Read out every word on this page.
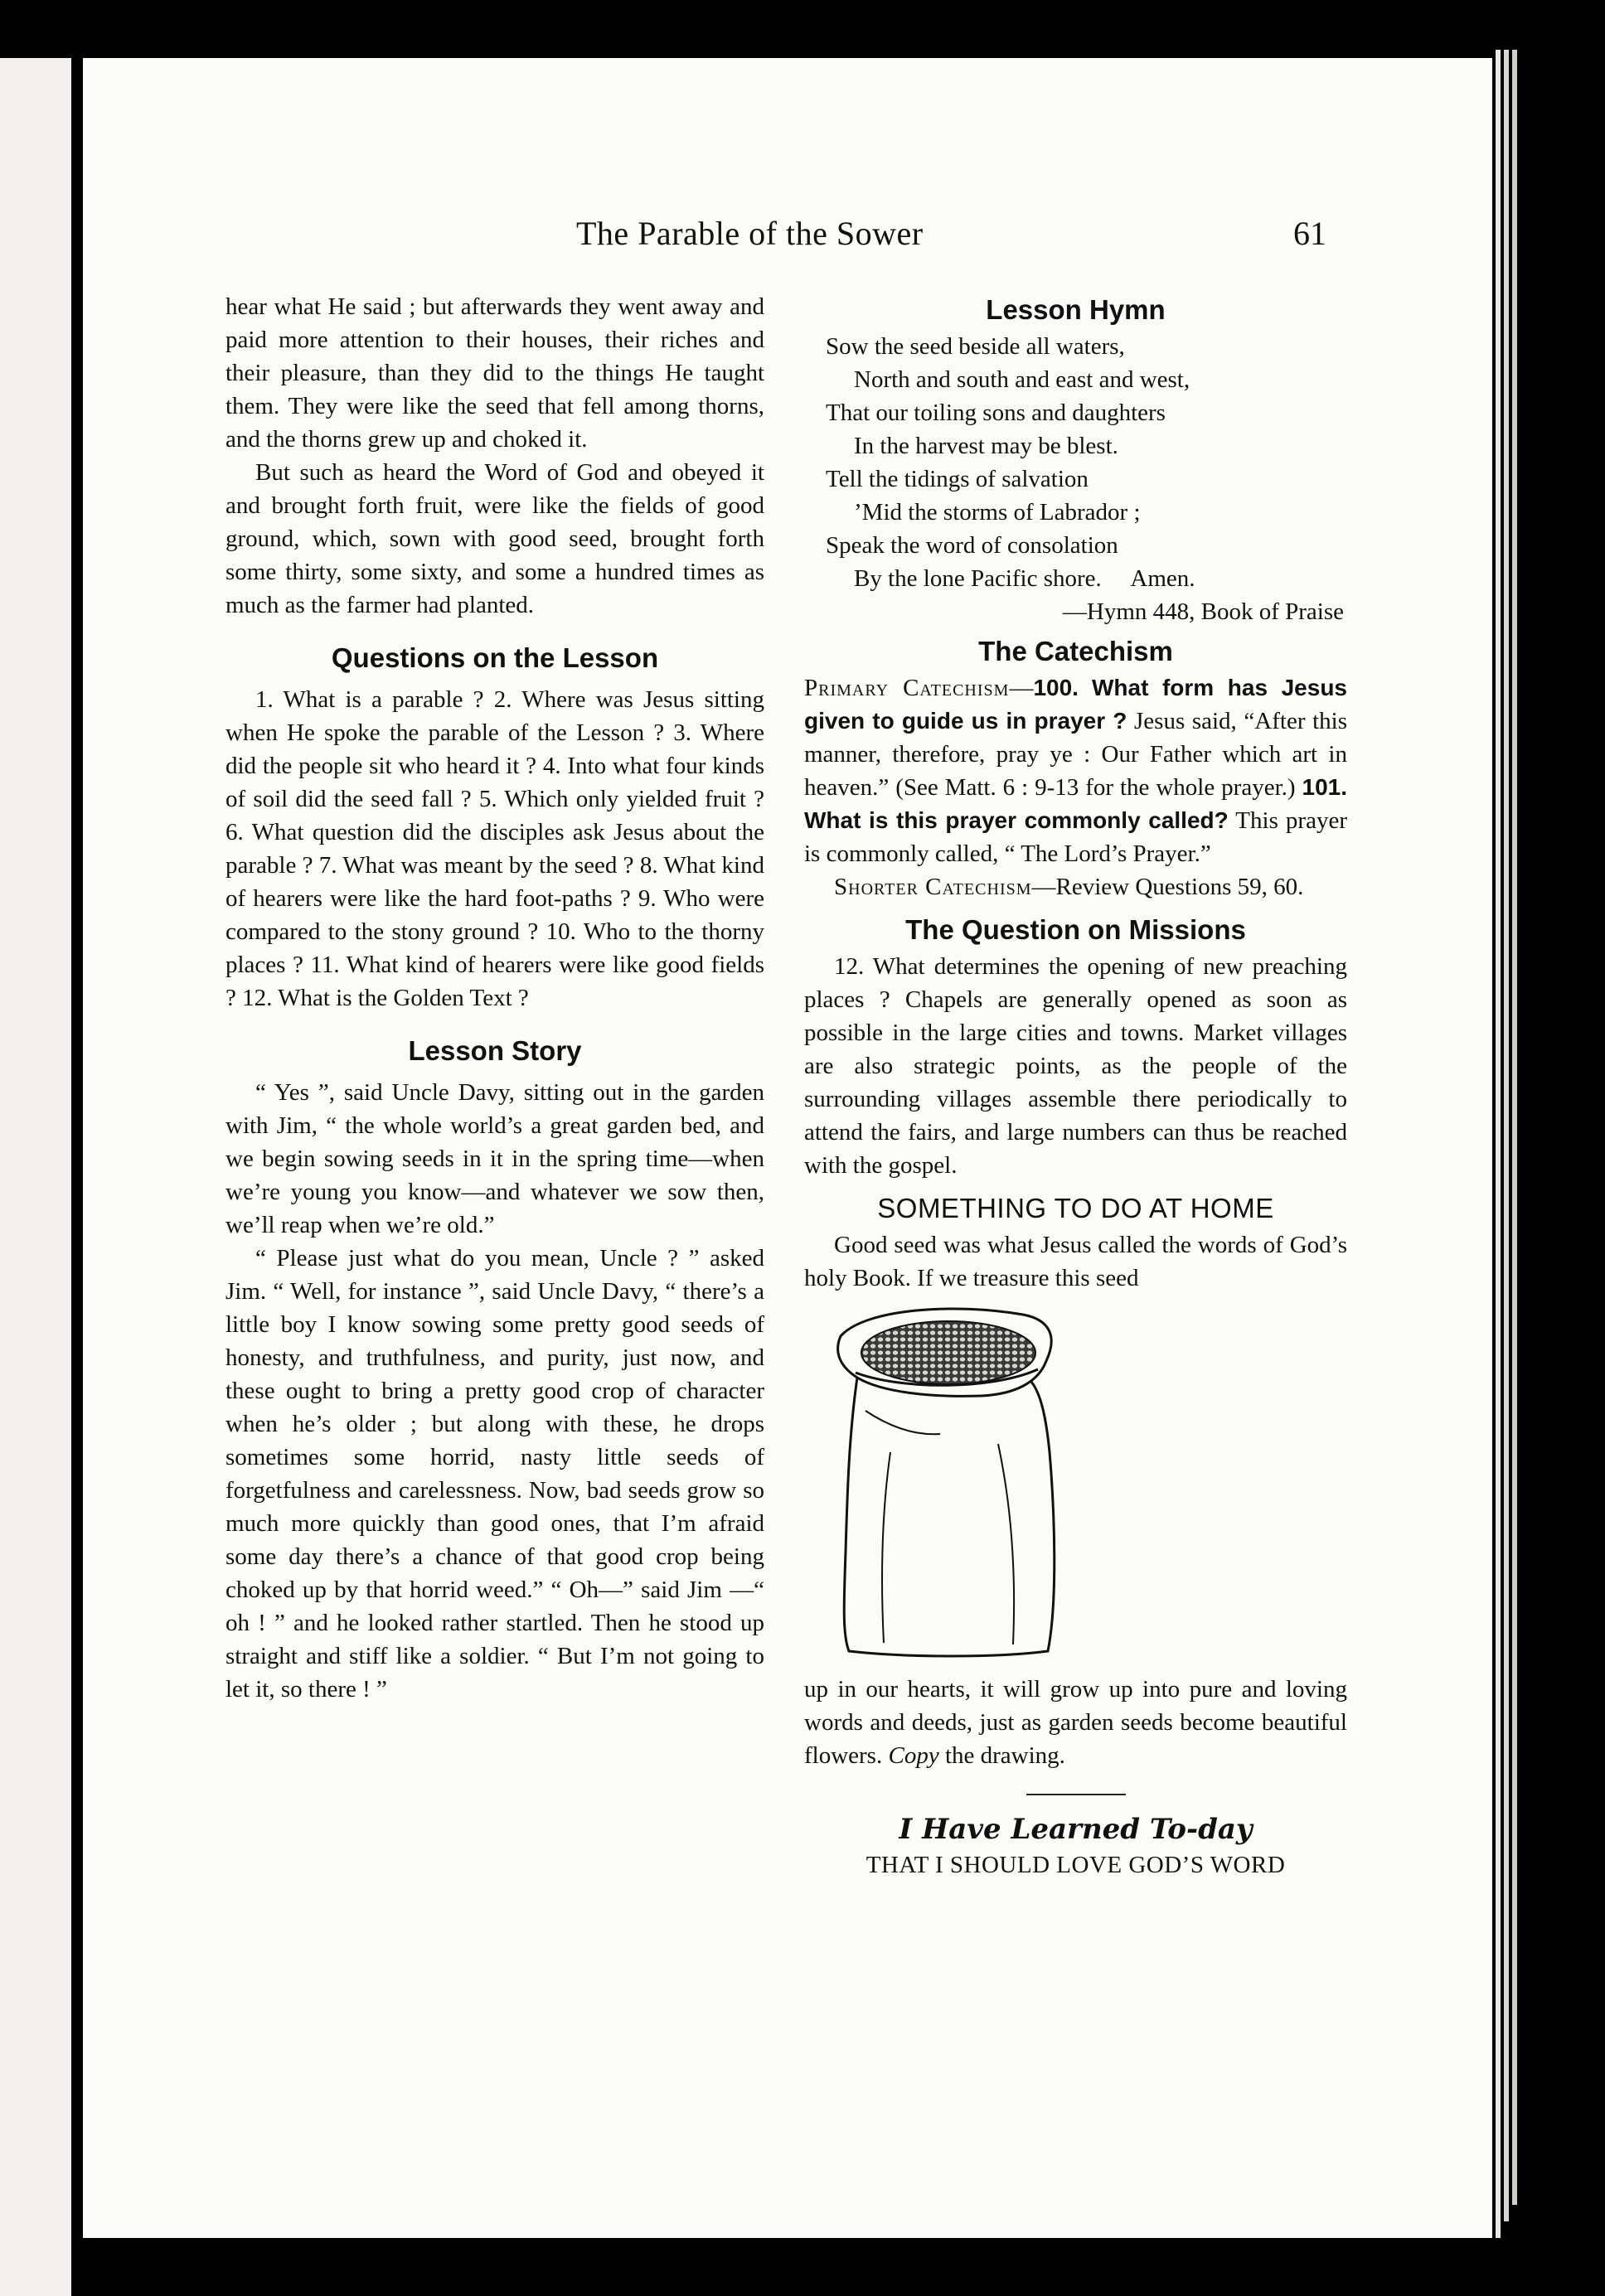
The Parable of the Sower	61

hear what He said ; but afterwards they went away and paid more attention to their houses, their riches and their pleasure, than they did to the things He taught them. They were like the seed that fell among thorns, and the thorns grew up and choked it.

But such as heard the Word of God and obeyed it and brought forth fruit, were like the fields of good ground, which, sown with good seed, brought forth some thirty, some sixty, and some a hundred times as much as the farmer had planted.

Questions on the Lesson

1. What is a parable ? 2. Where was Jesus sitting when He spoke the parable of the Lesson ? 3. Where did the people sit who heard it ? 4. Into what four kinds of soil did the seed fall ? 5. Which only yielded fruit ? 6. What question did the disciples ask Jesus about the parable ? 7. What was meant by the seed ? 8. What kind of hearers were like the hard foot-paths ? 9. Who were compared to the stony ground ? 10. Who to the thorny places ? 11. What kind of hearers were like good fields ? 12. What is the Golden Text ?

Lesson Story

“ Yes ”, said Uncle Davy, sitting out in the garden with Jim, “ the whole world’s a great garden bed, and we begin sowing seeds in it in the spring time—when we’re young you know—and whatever we sow then, we’ll reap when we’re old.”

“ Please just what do you mean, Uncle ? ” asked Jim. “ Well, for instance ”, said Uncle Davy, “ there’s a little boy I know sowing some pretty good seeds of honesty, and truthfulness, and purity, just now, and these ought to bring a pretty good crop of character when he’s older ; but along with these, he drops sometimes some horrid, nasty little seeds of forgetfulness and carelessness. Now, bad seeds grow so much more quickly than good ones, that I’m afraid some day there’s a chance of that good crop being choked up by that horrid weed.” “ Oh—” said Jim —“ oh ! ” and he looked rather startled. Then he stood up straight and stiff like a soldier. “ But I’m not going to let it, so there ! ”

Lesson Hymn
Sow the seed beside all waters,
North and south and east and west,
That our toiling sons and daughters
In the harvest may be blest.
Tell the tidings of salvation
’Mid the storms of Labrador ;
Speak the word of consolation
By the lone Pacific shore.     Amen.
—Hymn 448, Book of Praise
The Catechism

Primary Catechism—100. What form has Jesus given to guide us in prayer ? Jesus said, “After this manner, therefore, pray ye : Our Father which art in heaven.” (See Matt. 6 : 9-13 for the whole prayer.) 101. What is this prayer commonly called? This prayer is commonly called, “ The Lord’s Prayer.”

Shorter Catechism—Review Questions 59, 60.

The Question on Missions

12. What determines the opening of new preaching places ? Chapels are generally opened as soon as possible in the large cities and towns. Market villages are also strategic points, as the people of the surrounding villages assemble there periodically to attend the fairs, and large numbers can thus be reached with the gospel.

SOMETHING TO DO AT HOME

Good seed was what Jesus called the words of God’s holy Book. If we treasure this seed

up in our hearts, it will grow up into pure and loving words and deeds, just as garden seeds become beautiful flowers. Copy the drawing.

I Have Learned To-day
THAT I SHOULD LOVE GOD’S WORD
